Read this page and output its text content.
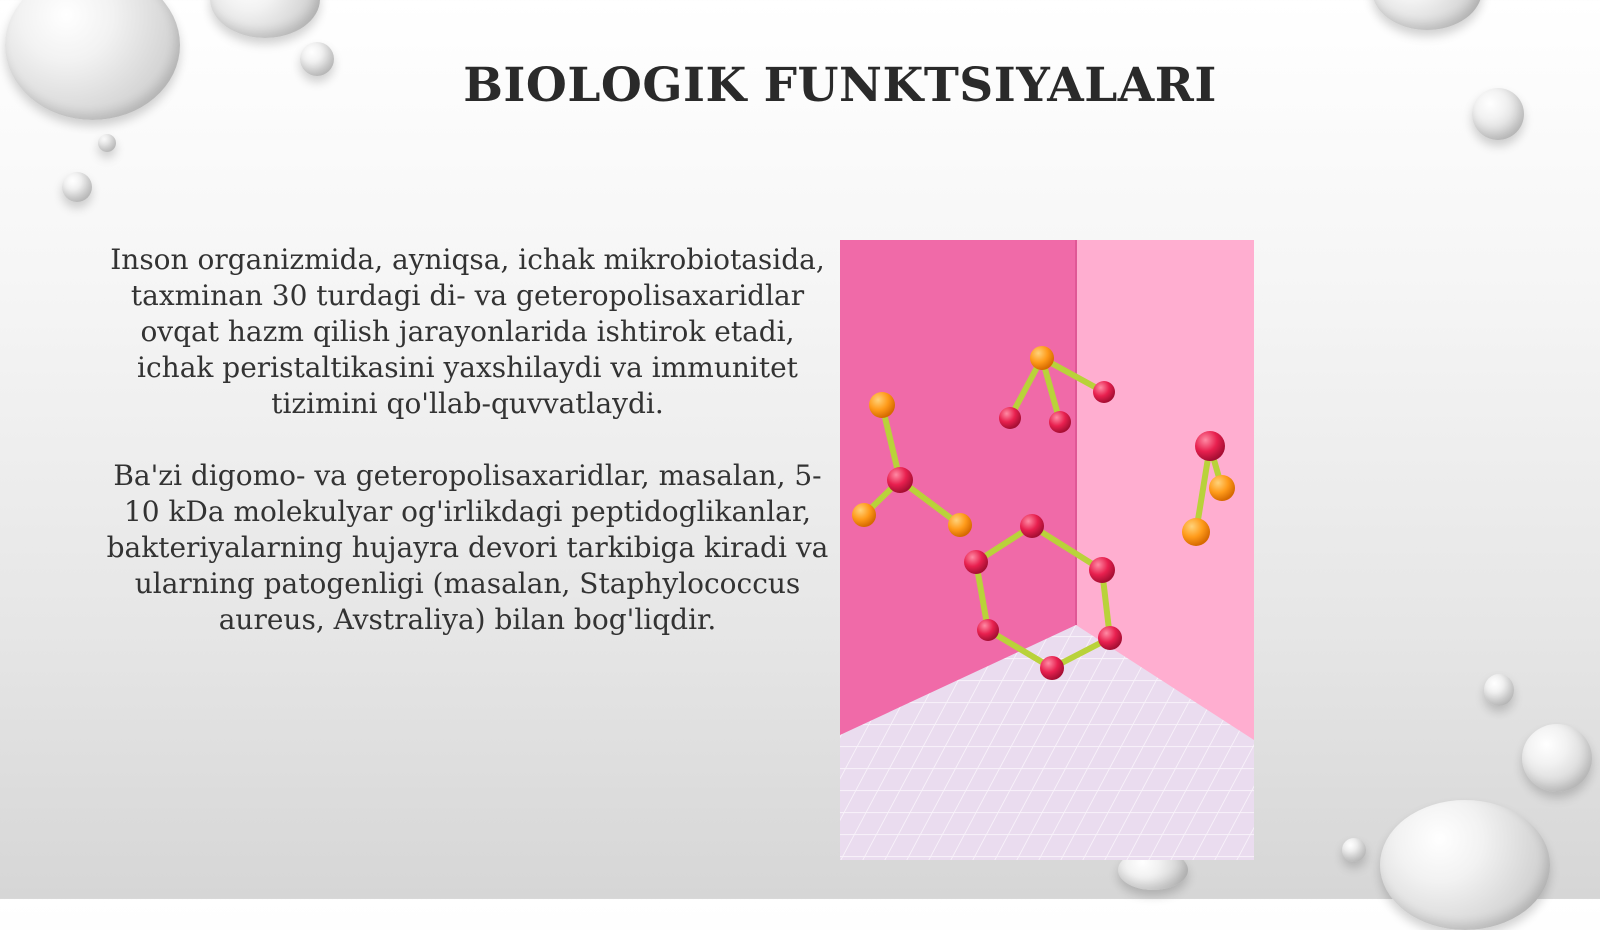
BIOLOGIK FUNKTSIYALARI

Inson organizmida, ayniqsa, ichak mikrobiotasida, taxminan 30 turdagi di- va geteropolisaxaridlar ovqat hazm qilish jarayonlarida ishtirok etadi, ichak peristaltikasini yaxshilaydi va immunitet tizimini qo'llab-quvvatlaydi.

Ba'zi digomo- va geteropolisaxaridlar, masalan, 5-10 kDa molekulyar og'irlikdagi peptidoglikanlar, bakteriyalarning hujayra devori tarkibiga kiradi va ularning patogenligi (masalan, Staphylococcus aureus, Avstraliya) bilan bog'liqdir.
